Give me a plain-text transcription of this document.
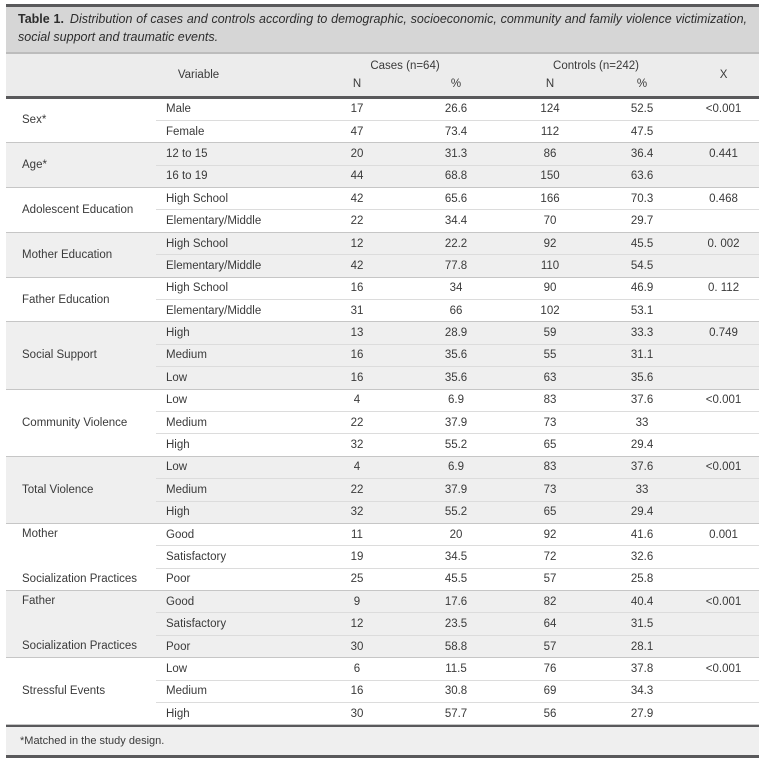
Table 1. Distribution of cases and controls according to demographic, socioeconomic, community and family violence victimization, social support and traumatic events.
Variable		Cases (n=64)		Controls (n=242)		X
		N	%	N	%	
Sex*	Male	17	26.6	124	52.5	<0.001
	Female	47	73.4	112	47.5	
Age*	12 to 15	20	31.3	86	36.4	0.441
	16 to 19	44	68.8	150	63.6	
Adolescent Education	High School	42	65.6	166	70.3	0.468
	Elementary/Middle	22	34.4	70	29.7	
Mother Education	High School	12	22.2	92	45.5	0. 002
	Elementary/Middle	42	77.8	110	54.5	
Father Education	High School	16	34	90	46.9	0. 112
	Elementary/Middle	31	66	102	53.1	
Social Support	High	13	28.9	59	33.3	0.749
	Medium	16	35.6	55	31.1	
	Low	16	35.6	63	35.6	
Community Violence	Low	4	6.9	83	37.6	<0.001
	Medium	22	37.9	73	33	
	High	32	55.2	65	29.4	
Total Violence	Low	4	6.9	83	37.6	<0.001
	Medium	22	37.9	73	33	
	High	32	55.2	65	29.4	

Mother
Socialization Practices	Good	11	20	92	41.6	0.001
	Satisfactory	19	34.5	72	32.6	
	Poor	25	45.5	57	25.8	

Father
Socialization Practices	Good	9	17.6	82	40.4	<0.001
	Satisfactory	12	23.5	64	31.5	
	Poor	30	58.8	57	28.1	
Stressful Events	Low	6	11.5	76	37.8	<0.001
	Medium	16	30.8	69	34.3	
	High	30	57.7	56	27.9	
*Matched in the study design.
